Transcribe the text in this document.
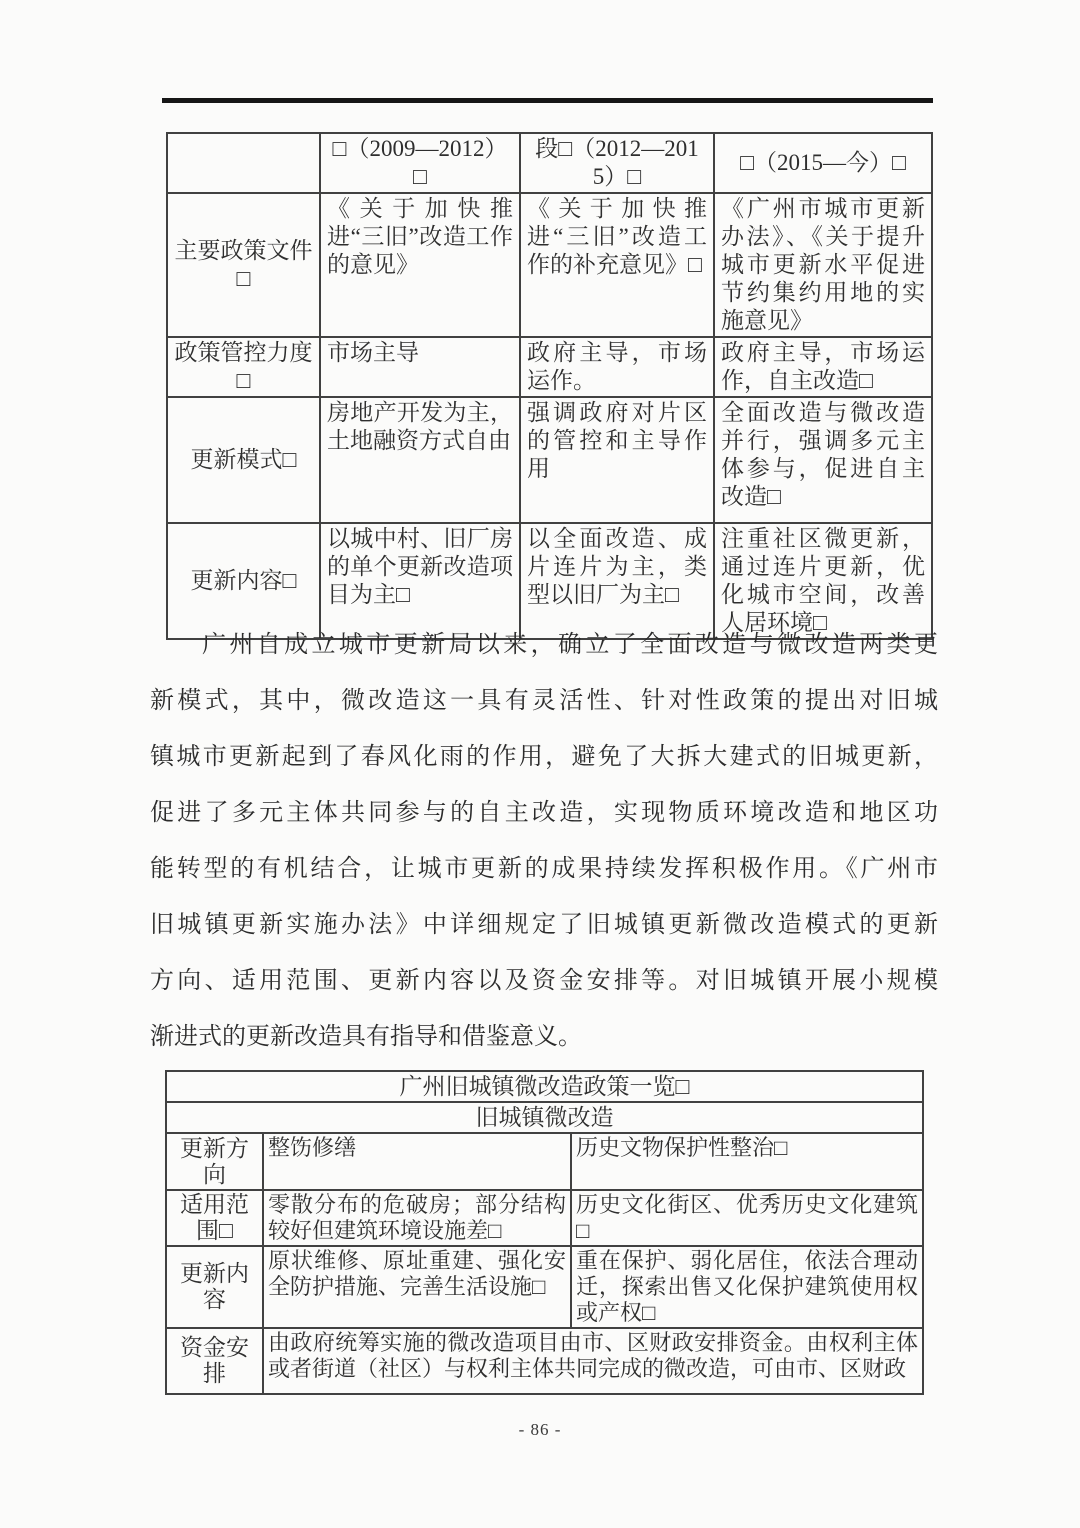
	□（2009—2012）□	段□（2012—2015）□	□（2015—今）□
主要政策文件□	《关于加快推进“三旧”改造工作的意见》	《关于加快推进“三旧”改造工作的补充意见》□	《广州市城市更新办法》、《关于提升城市更新水平促进节约集约用地的实施意见》
政策管控力度□	市场主导	政府主导，市场运作。	政府主导，市场运作，自主改造□
更新模式□	房地产开发为主，土地融资方式自由	强调政府对片区的管控和主导作用	全面改造与微改造并行，强调多元主体参与，促进自主改造□
更新内容□	以城中村、旧厂房的单个更新改造项目为主□	以全面改造、成片连片为主，类型以旧厂为主□	注重社区微更新，通过连片更新，优化城市空间，改善人居环境□
广州自成立城市更新局以来，确立了全面改造与微改造两类更
新模式，其中，微改造这一具有灵活性、针对性政策的提出对旧城
镇城市更新起到了春风化雨的作用，避免了大拆大建式的旧城更新，
促进了多元主体共同参与的自主改造，实现物质环境改造和地区功
能转型的有机结合，让城市更新的成果持续发挥积极作用。《广州市
旧城镇更新实施办法》中详细规定了旧城镇更新微改造模式的更新
方向、适用范围、更新内容以及资金安排等。对旧城镇开展小规模
渐进式的更新改造具有指导和借鉴意义。
广州旧城镇微改造政策一览□		
旧城镇微改造		
更新方向	整饬修缮	历史文物保护性整治□
适用范围□	零散分布的危破房；部分结构较好但建筑环境设施差□	历史文化街区、优秀历史文化建筑□
更新内容	原状维修、原址重建、强化安全防护措施、完善生活设施□	重在保护、弱化居住，依法合理动迁，探索出售又化保护建筑使用权或产权□
资金安排	由政府统筹实施的微改造项目由市、区财政安排资金。由权利主体或者街道（社区）与权利主体共同完成的微改造，可由市、区财政	
- 86 -
